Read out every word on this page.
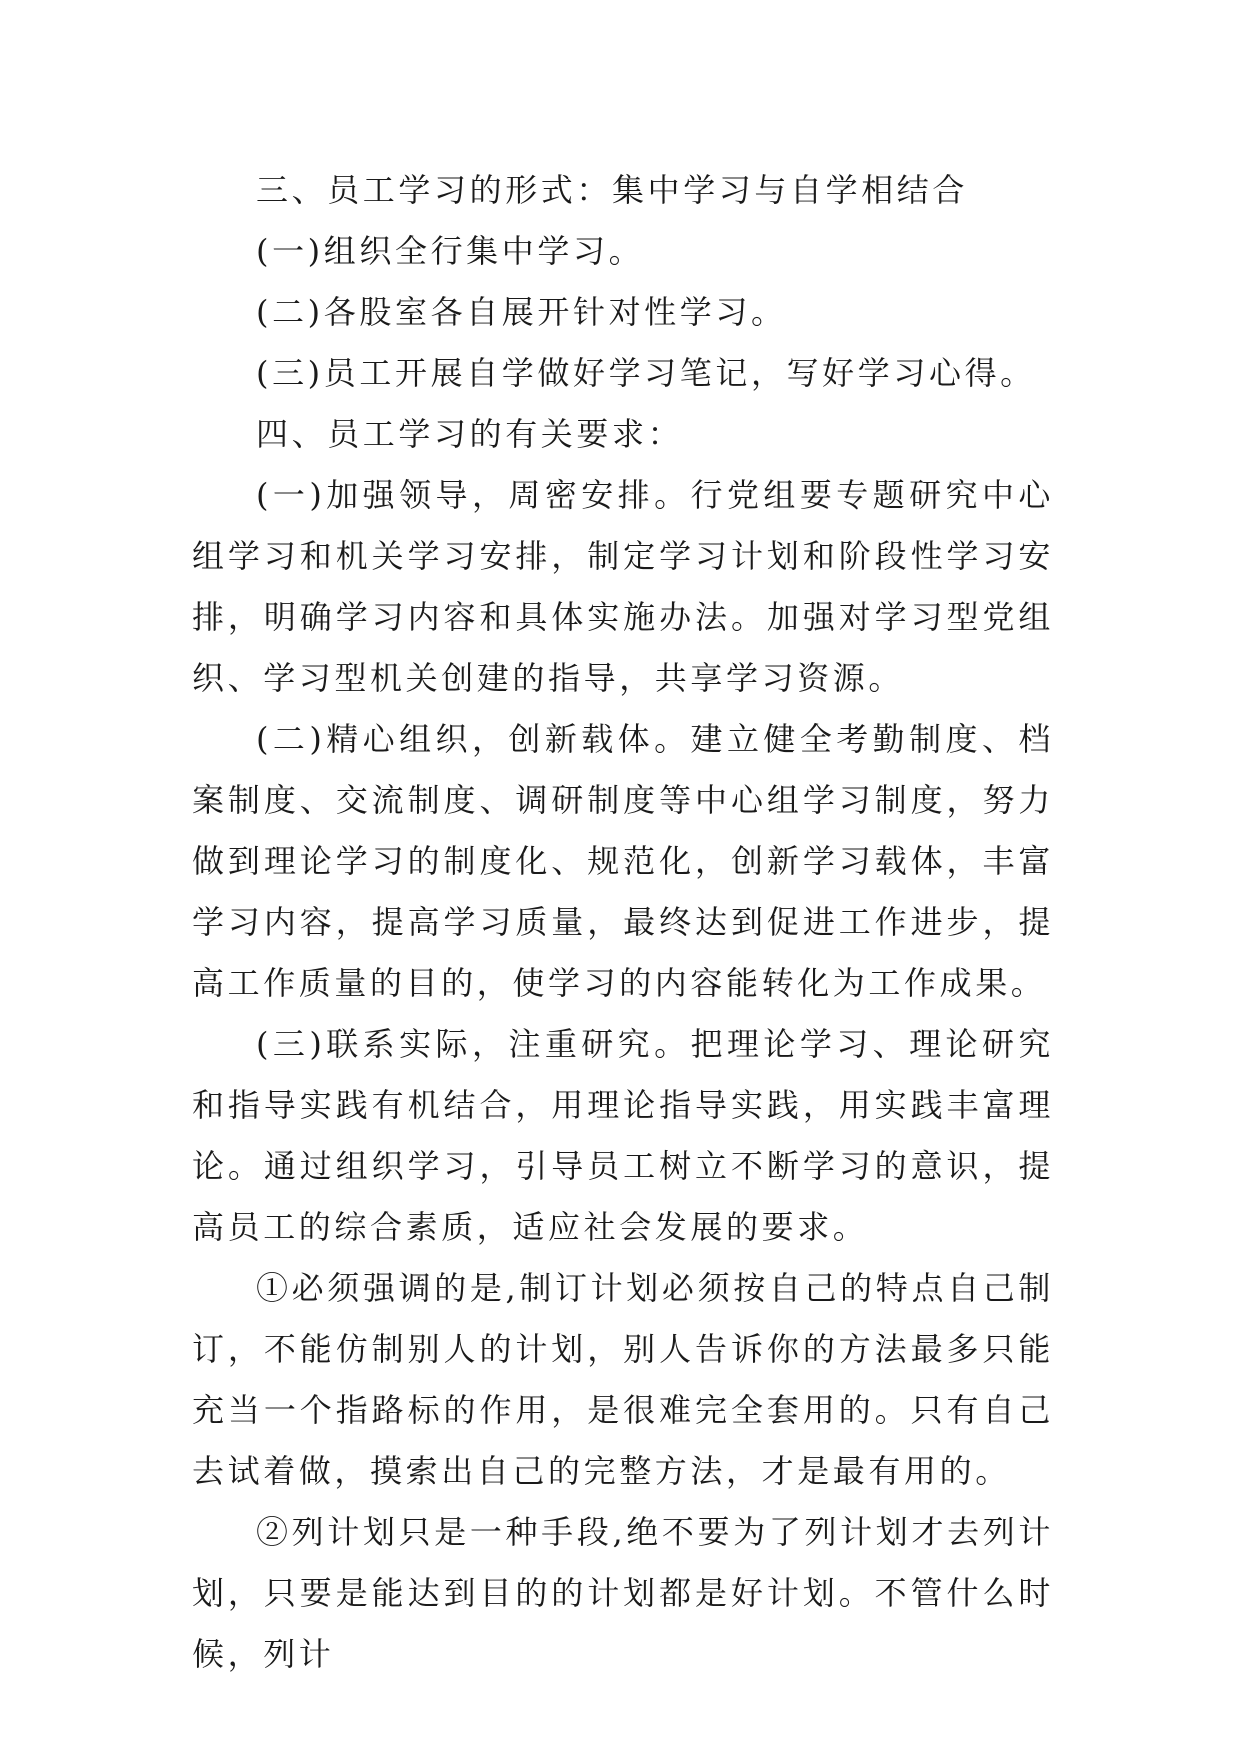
三、员工学习的形式：集中学习与自学相结合

(一)组织全行集中学习。

(二)各股室各自展开针对性学习。

(三)员工开展自学做好学习笔记，写好学习心得。

四、员工学习的有关要求：

(一)加强领导，周密安排。行党组要专题研究中心组学习和机关学习安排，制定学习计划和阶段性学习安排，明确学习内容和具体实施办法。加强对学习型党组织、学习型机关创建的指导，共享学习资源。

(二)精心组织，创新载体。建立健全考勤制度、档案制度、交流制度、调研制度等中心组学习制度，努力做到理论学习的制度化、规范化，创新学习载体，丰富学习内容，提高学习质量，最终达到促进工作进步，提高工作质量的目的，使学习的内容能转化为工作成果。

(三)联系实际，注重研究。把理论学习、理论研究和指导实践有机结合，用理论指导实践，用实践丰富理论。通过组织学习，引导员工树立不断学习的意识，提高员工的综合素质，适应社会发展的要求。

①必须强调的是,制订计划必须按自己的特点自己制订，不能仿制别人的计划，别人告诉你的方法最多只能充当一个指路标的作用，是很难完全套用的。只有自己去试着做，摸索出自己的完整方法，才是最有用的。

②列计划只是一种手段,绝不要为了列计划才去列计划，只要是能达到目的的计划都是好计划。不管什么时候，列计
